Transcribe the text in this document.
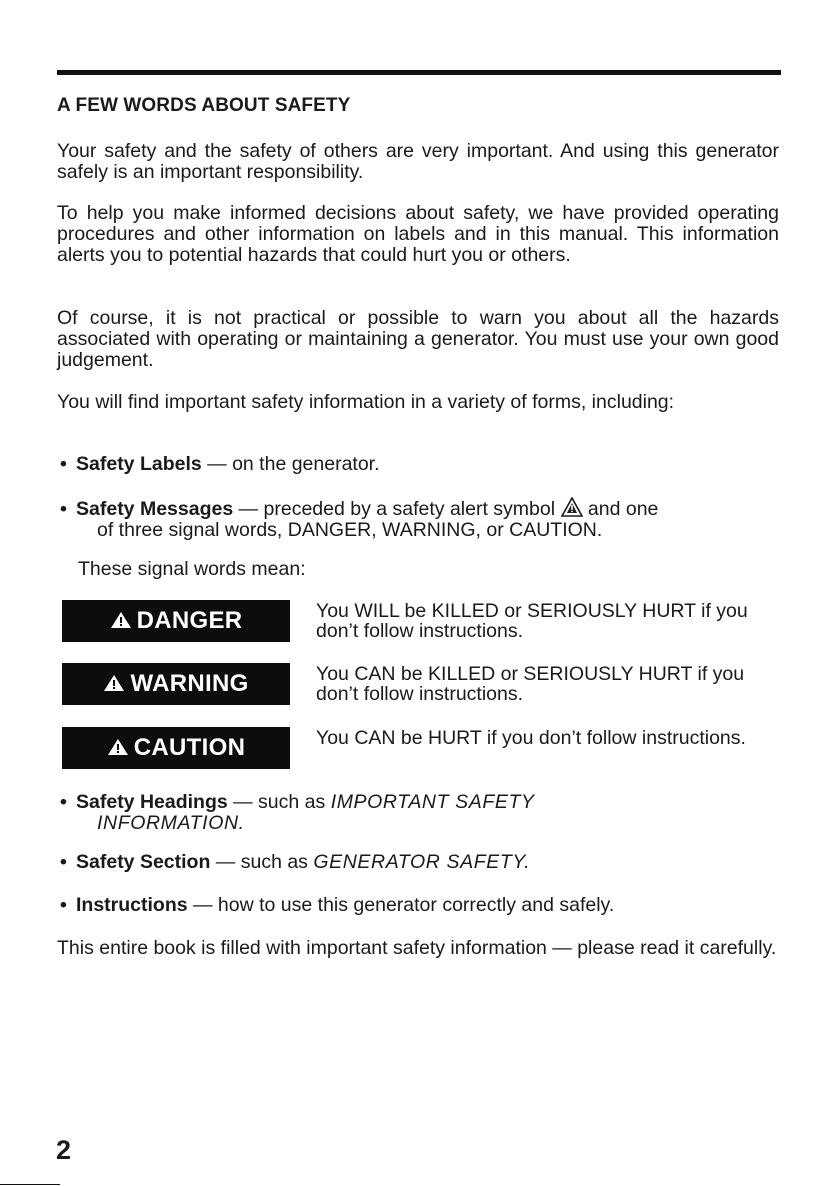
A FEW WORDS ABOUT SAFETY

Your safety and the safety of others are very important. And using this generator safely is an important responsibility.

To help you make informed decisions about safety, we have provided operating procedures and other information on labels and in this manual. This information alerts you to potential hazards that could hurt you or others.

Of course, it is not practical or possible to warn you about all the hazards associated with operating or maintaining a generator. You must use your own good judgement.

You will find important safety information in a variety of forms, including:

• Safety Labels — on the generator.
• Safety Messages — preceded by a safety alert symbol  and one
of three signal words, DANGER, WARNING, or CAUTION.
These signal words mean:
DANGER	You WILL be KILLED or SERIOUSLY HURT if you don’t follow instructions.
WARNING	You CAN be KILLED or SERIOUSLY HURT if you don’t follow instructions.
CAUTION	You CAN be HURT if you don’t follow instructions.
• Safety Headings — such as IMPORTANT SAFETY
INFORMATION.
• Safety Section — such as GENERATOR SAFETY.
• Instructions — how to use this generator correctly and safely.

This entire book is filled with important safety information — please read it carefully.

2
